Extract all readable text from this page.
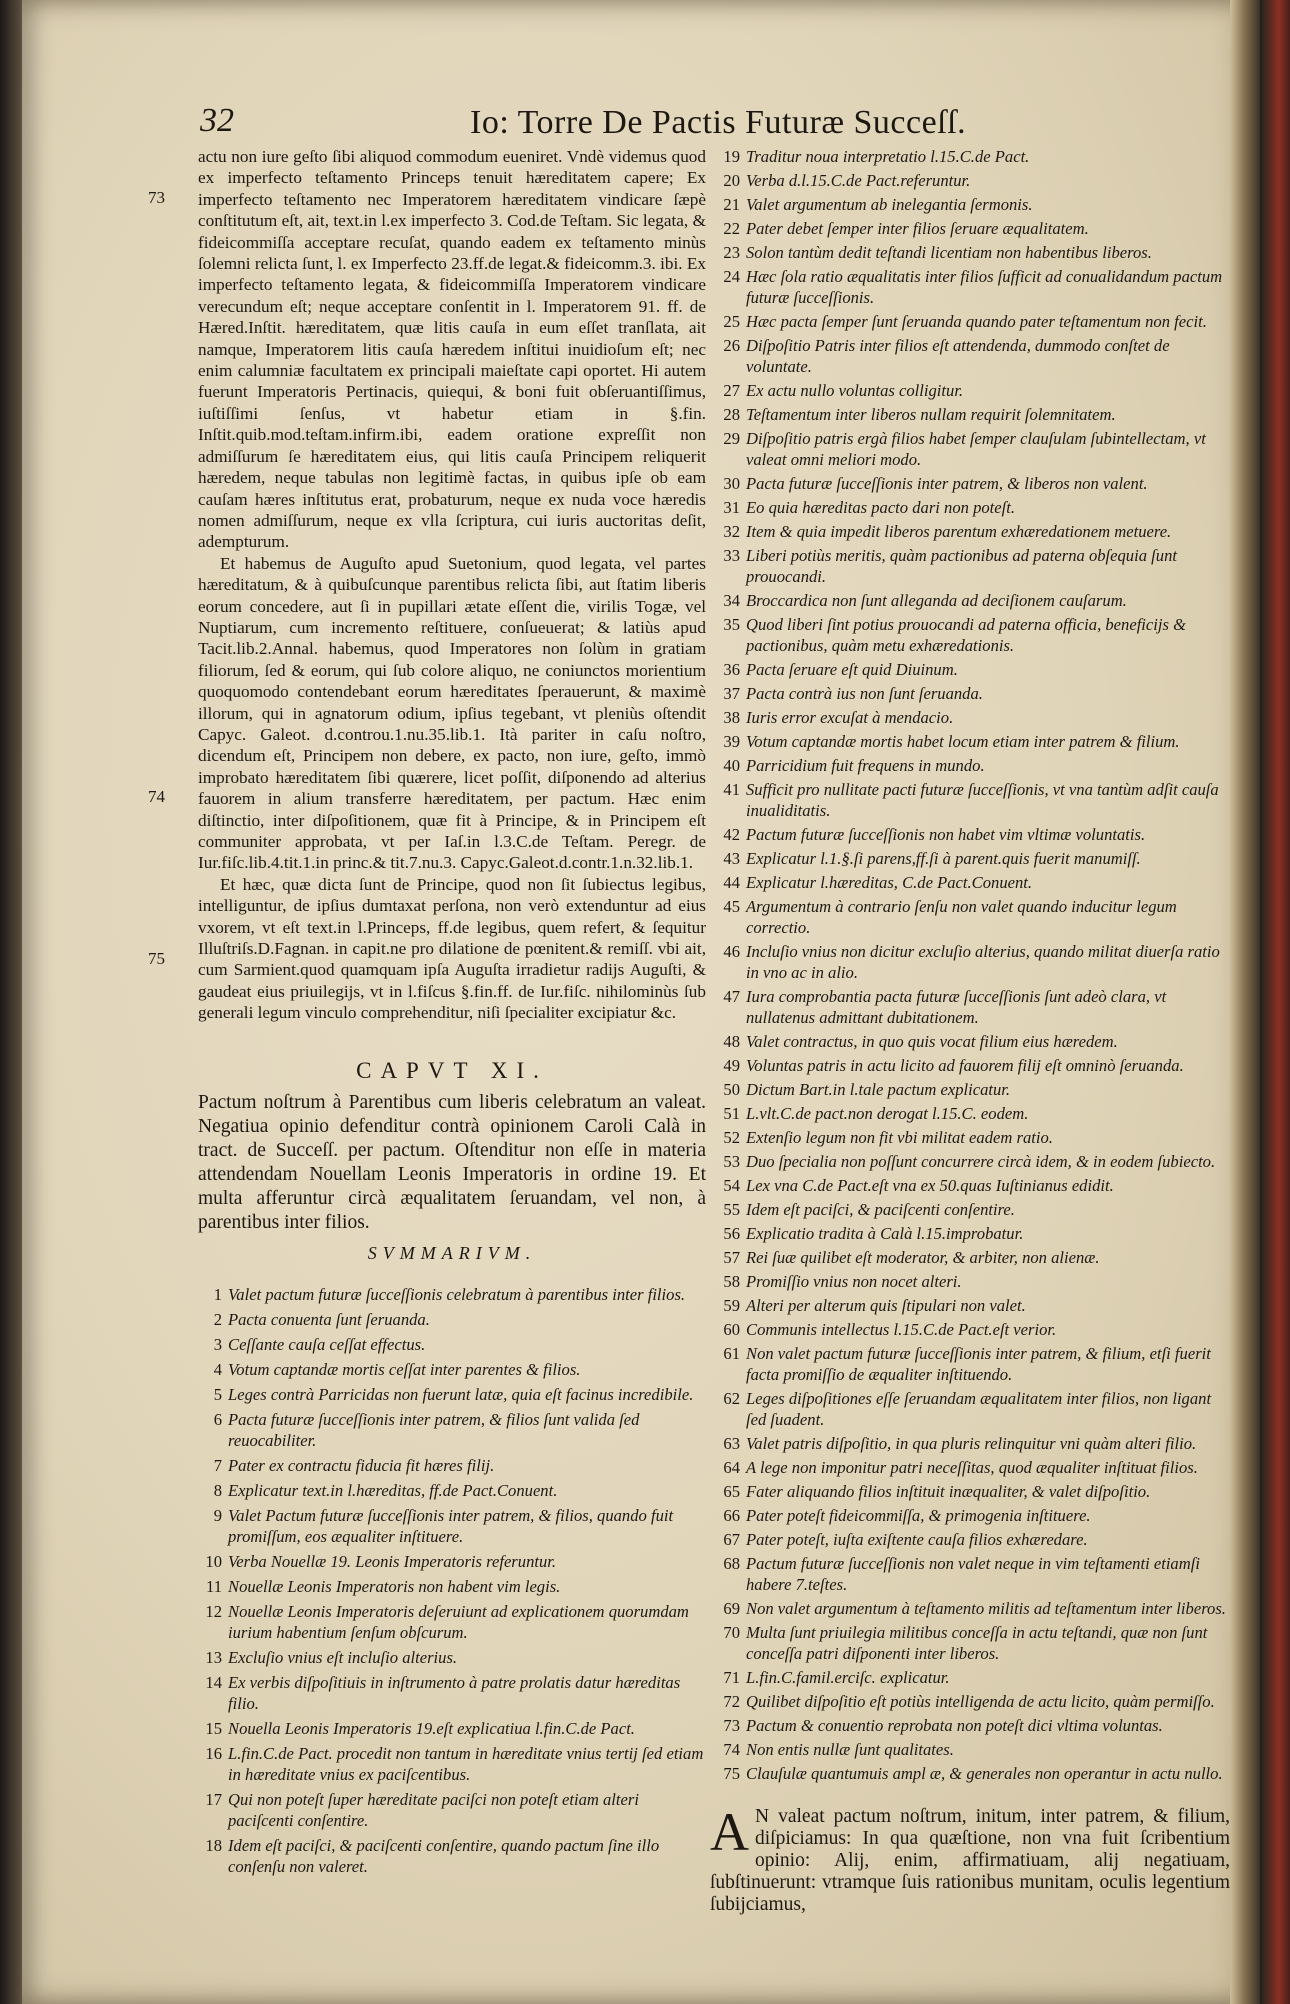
32	Io: Torre De Pactis Futuræ Succeſſ.
73
74
75

actu non iure geſto ſibi aliquod commodum eueniret. Vndè videmus quod ex imperfecto teſtamento Princeps tenuit hæreditatem capere; Ex imperfecto teſtamento nec Imperatorem hæreditatem vindicare ſæpè conſtitutum eſt, ait, text.in l.ex imperfecto 3. Cod.de Teſtam. Sic legata, & fideicommiſſa acceptare recuſat, quando eadem ex teſtamento minùs ſolemni relicta ſunt, l. ex Imperfecto 23.ff.de legat.& fideicomm.3. ibi. Ex imperfecto teſtamento legata, & fideicommiſſa Imperatorem vindicare verecundum eſt; neque acceptare conſentit in l. Imperatorem 91. ff. de Hæred.Inſtit. hæreditatem, quæ litis cauſa in eum eſſet tranſlata, ait namque, Imperatorem litis cauſa hæredem inſtitui inuidioſum eſt; nec enim calumniæ facultatem ex principali maieſtate capi oportet. Hi autem fuerunt Imperatoris Pertinacis, quiequi, & boni fuit obſeruantiſſimus, iuſtiſſimi ſenſus, vt habetur etiam in §.fin. Inſtit.quib.mod.teſtam.infirm.ibi, eadem oratione expreſſit non admiſſurum ſe hæreditatem eius, qui litis cauſa Principem reliquerit hæredem, neque tabulas non legitimè factas, in quibus ipſe ob eam cauſam hæres inſtitutus erat, probaturum, neque ex nuda voce hæredis nomen admiſſurum, neque ex vlla ſcriptura, cui iuris auctoritas deſit, adempturum.

Et habemus de Auguſto apud Suetonium, quod legata, vel partes hæreditatum, & à quibuſcunque parentibus relicta ſibi, aut ſtatim liberis eorum concedere, aut ſi in pupillari ætate eſſent die, virilis Togæ, vel Nuptiarum, cum incremento reſtituere, conſueuerat; & latiùs apud Tacit.lib.2.Annal. habemus, quod Imperatores non ſolùm in gratiam filiorum, ſed & eorum, qui ſub colore aliquo, ne coniunctos morientium quoquomodo contendebant eorum hæreditates ſperauerunt, & maximè illorum, qui in agnatorum odium, ipſius tegebant, vt pleniùs oſtendit Capyc. Galeot. d.controu.1.nu.35.lib.1. Ità pariter in caſu noſtro, dicendum eſt, Principem non debere, ex pacto, non iure, geſto, immò improbato hæreditatem ſibi quærere, licet poſſit, diſponendo ad alterius fauorem in alium transferre hæreditatem, per pactum. Hæc enim diſtinctio, inter diſpoſitionem, quæ fit à Principe, & in Principem eſt communiter approbata, vt per Iaſ.in l.3.C.de Teſtam. Peregr. de Iur.fiſc.lib.4.tit.1.in princ.& tit.7.nu.3. Capyc.Galeot.d.contr.1.n.32.lib.1.

Et hæc, quæ dicta ſunt de Principe, quod non ſit ſubiectus legibus, intelliguntur, de ipſius dumtaxat perſona, non verò extenduntur ad eius vxorem, vt eſt text.in l.Princeps, ff.de legibus, quem refert, & ſequitur Illuſtriſs.D.Fagnan. in capit.ne pro dilatione de pœnitent.& remiſſ. vbi ait, cum Sarmient.quod quamquam ipſa Auguſta irradietur radijs Auguſti, & gaudeat eius priuilegijs, vt in l.fiſcus §.fin.ff. de Iur.fiſc. nihilominùs ſub generali legum vinculo comprehenditur, niſi ſpecialiter excipiatur &c.

CAPVT XI.

Pactum noſtrum à Parentibus cum liberis celebratum an valeat. Negatiua opinio defenditur contrà opinionem Caroli Calà in tract. de Succeſſ. per pactum. Oſtenditur non eſſe in materia attendendam Nouellam Leonis Imperatoris in ordine 19. Et multa afferuntur circà æqualitatem ſeruandam, vel non, à parentibus inter filios.

SVMMARIVM.
1 Valet pactum futuræ ſucceſſionis celebratum à parentibus inter filios.
2 Pacta conuenta ſunt ſeruanda.
3 Ceſſante cauſa ceſſat effectus.
4 Votum captandæ mortis ceſſat inter parentes & filios.
5 Leges contrà Parricidas non fuerunt latæ, quia eſt facinus incredibile.
6 Pacta futuræ ſucceſſionis inter patrem, & filios ſunt valida ſed reuocabiliter.
7 Pater ex contractu fiducia fit hæres filij.
8 Explicatur text.in l.hæreditas, ff.de Pact.Conuent.
9 Valet Pactum futuræ ſucceſſionis inter patrem, & filios, quando fuit promiſſum, eos æqualiter inſtituere.
10 Verba Nouellæ 19. Leonis Imperatoris referuntur.
11 Nouellæ Leonis Imperatoris non habent vim legis.
12 Nouellæ Leonis Imperatoris deſeruiunt ad explicationem quorumdam iurium habentium ſenſum obſcurum.
13 Excluſio vnius eſt incluſio alterius.
14 Ex verbis diſpoſitiuis in inſtrumento à patre prolatis datur hæreditas filio.
15 Nouella Leonis Imperatoris 19.eſt explicatiua l.fin.C.de Pact.
16 L.fin.C.de Pact. procedit non tantum in hæreditate vnius tertij ſed etiam in hæreditate vnius ex paciſcentibus.
17 Qui non poteſt ſuper hæreditate paciſci non poteſt etiam alteri paciſcenti conſentire.
18 Idem eſt paciſci, & paciſcenti conſentire, quando pactum ſine illo conſenſu non valeret.
19 Traditur noua interpretatio l.15.C.de Pact.
20 Verba d.l.15.C.de Pact.referuntur.
21 Valet argumentum ab inelegantia ſermonis.
22 Pater debet ſemper inter filios ſeruare æqualitatem.
23 Solon tantùm dedit teſtandi licentiam non habentibus liberos.
24 Hæc ſola ratio æqualitatis inter filios ſufficit ad conualidandum pactum futuræ ſucceſſionis.
25 Hæc pacta ſemper ſunt ſeruanda quando pater teſtamentum non fecit.
26 Diſpoſitio Patris inter filios eſt attendenda, dummodo conſtet de voluntate.
27 Ex actu nullo voluntas colligitur.
28 Teſtamentum inter liberos nullam requirit ſolemnitatem.
29 Diſpoſitio patris ergà filios habet ſemper clauſulam ſubintellectam, vt valeat omni meliori modo.
30 Pacta futuræ ſucceſſionis inter patrem, & liberos non valent.
31 Eo quia hæreditas pacto dari non poteſt.
32 Item & quia impedit liberos parentum exhæredationem metuere.
33 Liberi potiùs meritis, quàm pactionibus ad paterna obſequia ſunt prouocandi.
34 Broccardica non ſunt alleganda ad deciſionem cauſarum.
35 Quod liberi ſint potius prouocandi ad paterna officia, beneficijs & pactionibus, quàm metu exhæredationis.
36 Pacta ſeruare eſt quid Diuinum.
37 Pacta contrà ius non ſunt ſeruanda.
38 Iuris error excuſat à mendacio.
39 Votum captandæ mortis habet locum etiam inter patrem & filium.
40 Parricidium fuit frequens in mundo.
41 Sufficit pro nullitate pacti futuræ ſucceſſionis, vt vna tantùm adſit cauſa inualiditatis.
42 Pactum futuræ ſucceſſionis non habet vim vltimæ voluntatis.
43 Explicatur l.1.§.ſi parens,ff.ſi à parent.quis fuerit manumiſſ.
44 Explicatur l.hæreditas, C.de Pact.Conuent.
45 Argumentum à contrario ſenſu non valet quando inducitur legum correctio.
46 Incluſio vnius non dicitur excluſio alterius, quando militat diuerſa ratio in vno ac in alio.
47 Iura comprobantia pacta futuræ ſucceſſionis ſunt adeò clara, vt nullatenus admittant dubitationem.
48 Valet contractus, in quo quis vocat filium eius hæredem.
49 Voluntas patris in actu licito ad fauorem filij eſt omninò ſeruanda.
50 Dictum Bart.in l.tale pactum explicatur.
51 L.vlt.C.de pact.non derogat l.15.C. eodem.
52 Extenſio legum non fit vbi militat eadem ratio.
53 Duo ſpecialia non poſſunt concurrere circà idem, & in eodem ſubiecto.
54 Lex vna C.de Pact.eſt vna ex 50.quas Iuſtinianus edidit.
55 Idem eſt paciſci, & paciſcenti conſentire.
56 Explicatio tradita à Calà l.15.improbatur.
57 Rei ſuæ quilibet eſt moderator, & arbiter, non alienæ.
58 Promiſſio vnius non nocet alteri.
59 Alteri per alterum quis ſtipulari non valet.
60 Communis intellectus l.15.C.de Pact.eſt verior.
61 Non valet pactum futuræ ſucceſſionis inter patrem, & filium, etſi fuerit facta promiſſio de æqualiter inſtituendo.
62 Leges diſpoſitiones eſſe ſeruandam æqualitatem inter filios, non ligant ſed ſuadent.
63 Valet patris diſpoſitio, in qua pluris relinquitur vni quàm alteri filio.
64 A lege non imponitur patri neceſſitas, quod æqualiter inſtituat filios.
65 Fater aliquando filios inſtituit inæqualiter, & valet diſpoſitio.
66 Pater poteſt fideicommiſſa, & primogenia inſtituere.
67 Pater poteſt, iuſta exiſtente cauſa filios exhæredare.
68 Pactum futuræ ſucceſſionis non valet neque in vim teſtamenti etiamſi habere 7.teſtes.
69 Non valet argumentum à teſtamento militis ad teſtamentum inter liberos.
70 Multa ſunt priuilegia militibus conceſſa in actu teſtandi, quæ non ſunt conceſſa patri diſponenti inter liberos.
71 L.fin.C.famil.erciſc. explicatur.
72 Quilibet diſpoſitio eſt potiùs intelligenda de actu licito, quàm permiſſo.
73 Pactum & conuentio reprobata non poteſt dici vltima voluntas.
74 Non entis nullæ ſunt qualitates.
75 Clauſulæ quantumuis ampl æ, & generales non operantur in actu nullo.
A N valeat pactum noſtrum, initum, inter patrem, & filium, diſpiciamus: In qua quæſtione, non vna fuit ſcribentium opinio: Alij, enim, affirmatiuam, alij negatiuam, ſubſtinuerunt: vtramque ſuis rationibus munitam, oculis legentium ſubijciamus,
